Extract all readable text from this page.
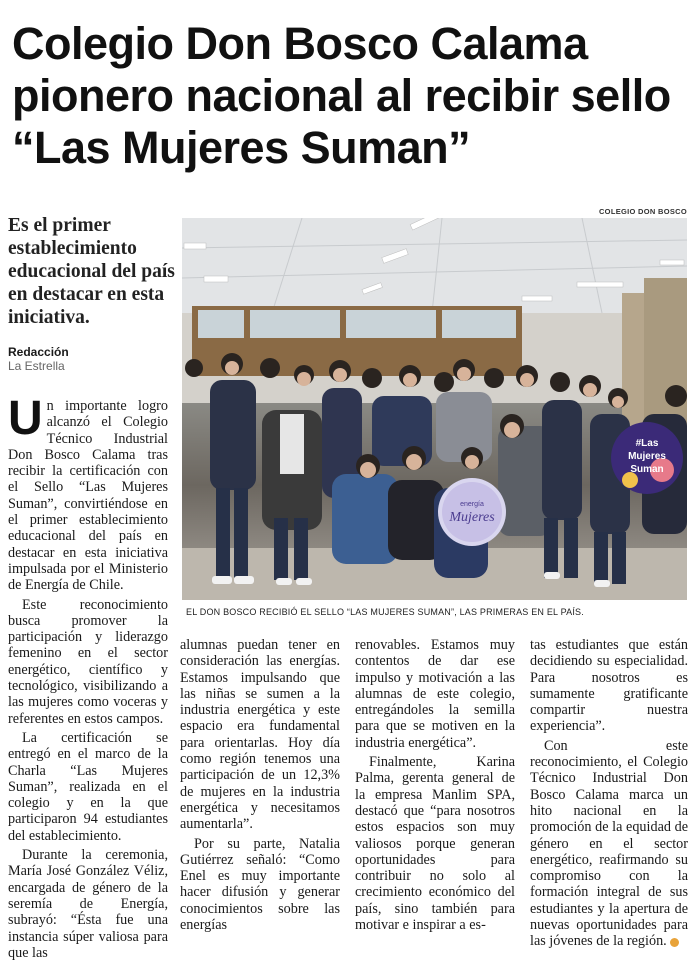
Colegio Don Bosco Calama pionero nacional al recibir sello “Las Mujeres Suman”
Es el primer establecimiento educacional del país en destacar en esta iniciativa.
Redacción
La Estrella
COLEGIO DON BOSCO
energía
Mujeres
#Las
Mujeres
Suman
EL DON BOSCO RECIBIÓ EL SELLO “LAS MUJERES SUMAN”, LAS PRIMERAS EN EL PAÍS.

Un importante logro alcanzó el Colegio Técnico Industrial Don Bosco Calama tras recibir la certificación con el Sello “Las Mujeres Suman”, convirtiéndose en el primer establecimiento educacional del país en destacar en esta iniciativa impulsada por el Ministerio de Energía de Chile.

Este reconocimiento busca promover la participación y liderazgo femenino en el sector energético, científico y tecnológico, visibilizando a las mujeres como voceras y referentes en estos campos.

La certificación se entregó en el marco de la Charla “Las Mujeres Suman”, realizada en el colegio y en la que participaron 94 estudiantes del establecimiento.

Durante la ceremonia, María José González Véliz, encargada de género de la seremía de Energía, subrayó: “Ésta fue una instancia súper valiosa para que las

alumnas puedan tener en consideración las energías. Estamos impulsando que las niñas se sumen a la industria energética y este espacio era fundamental para orientarlas. Hoy día como región tenemos una participación de un 12,3% de mujeres en la industria energética y necesitamos aumentarla”.

Por su parte, Natalia Gutiérrez señaló: “Como Enel es muy importante hacer difusión y generar conocimientos sobre las energías

renovables. Estamos muy contentos de dar ese impulso y motivación a las alumnas de este colegio, entregándoles la semilla para que se motiven en la industria energética”.

Finalmente, Karina Palma, gerenta general de la empresa Manlim SPA, destacó que “para nosotros estos espacios son muy valiosos porque generan oportunidades para contribuir no solo al crecimiento económico del país, sino también para motivar e inspirar a es-

tas estudiantes que están decidiendo su especialidad. Para nosotros es sumamente gratificante compartir nuestra experiencia”.

Con este reconocimiento, el Colegio Técnico Industrial Don Bosco Calama marca un hito nacional en la promoción de la equidad de género en el sector energético, reafirmando su compromiso con la formación integral de sus estudiantes y la apertura de nuevas oportunidades para las jóvenes de la región.
